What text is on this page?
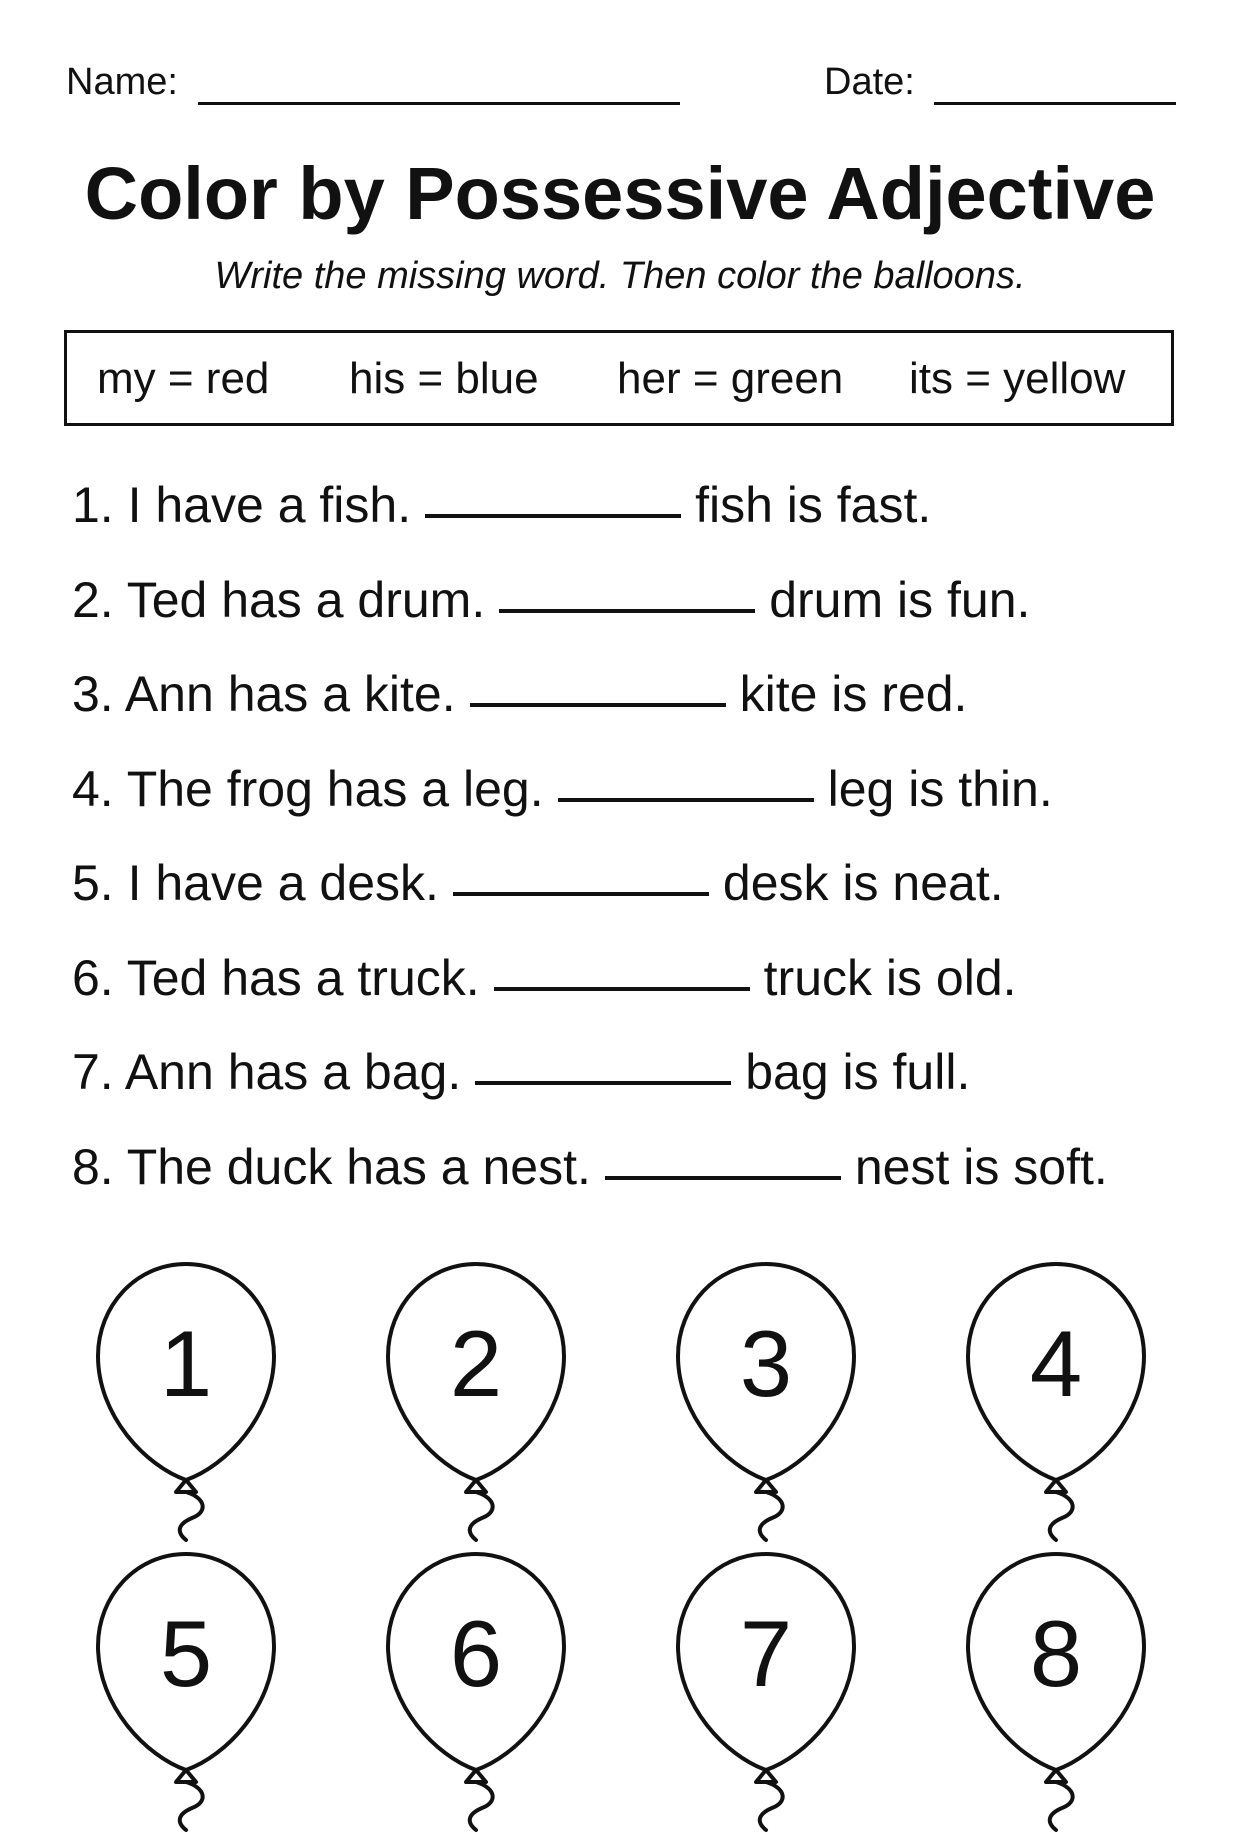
Name:	Date:
Color by Possessive Adjective
Write the missing word. Then color the balloons.
my = red his = blue her = green its = yellow
1. I have a fish.	fish is fast.
2. Ted has a drum.	drum is fun.
3. Ann has a kite.	kite is red.
4. The frog has a leg.	leg is thin.
5. I have a desk.	desk is neat.
6. Ted has a truck.	truck is old.
7. Ann has a bag.	bag is full.
8. The duck has a nest.	nest is soft.
1	2	3	4
5	6	7	8
